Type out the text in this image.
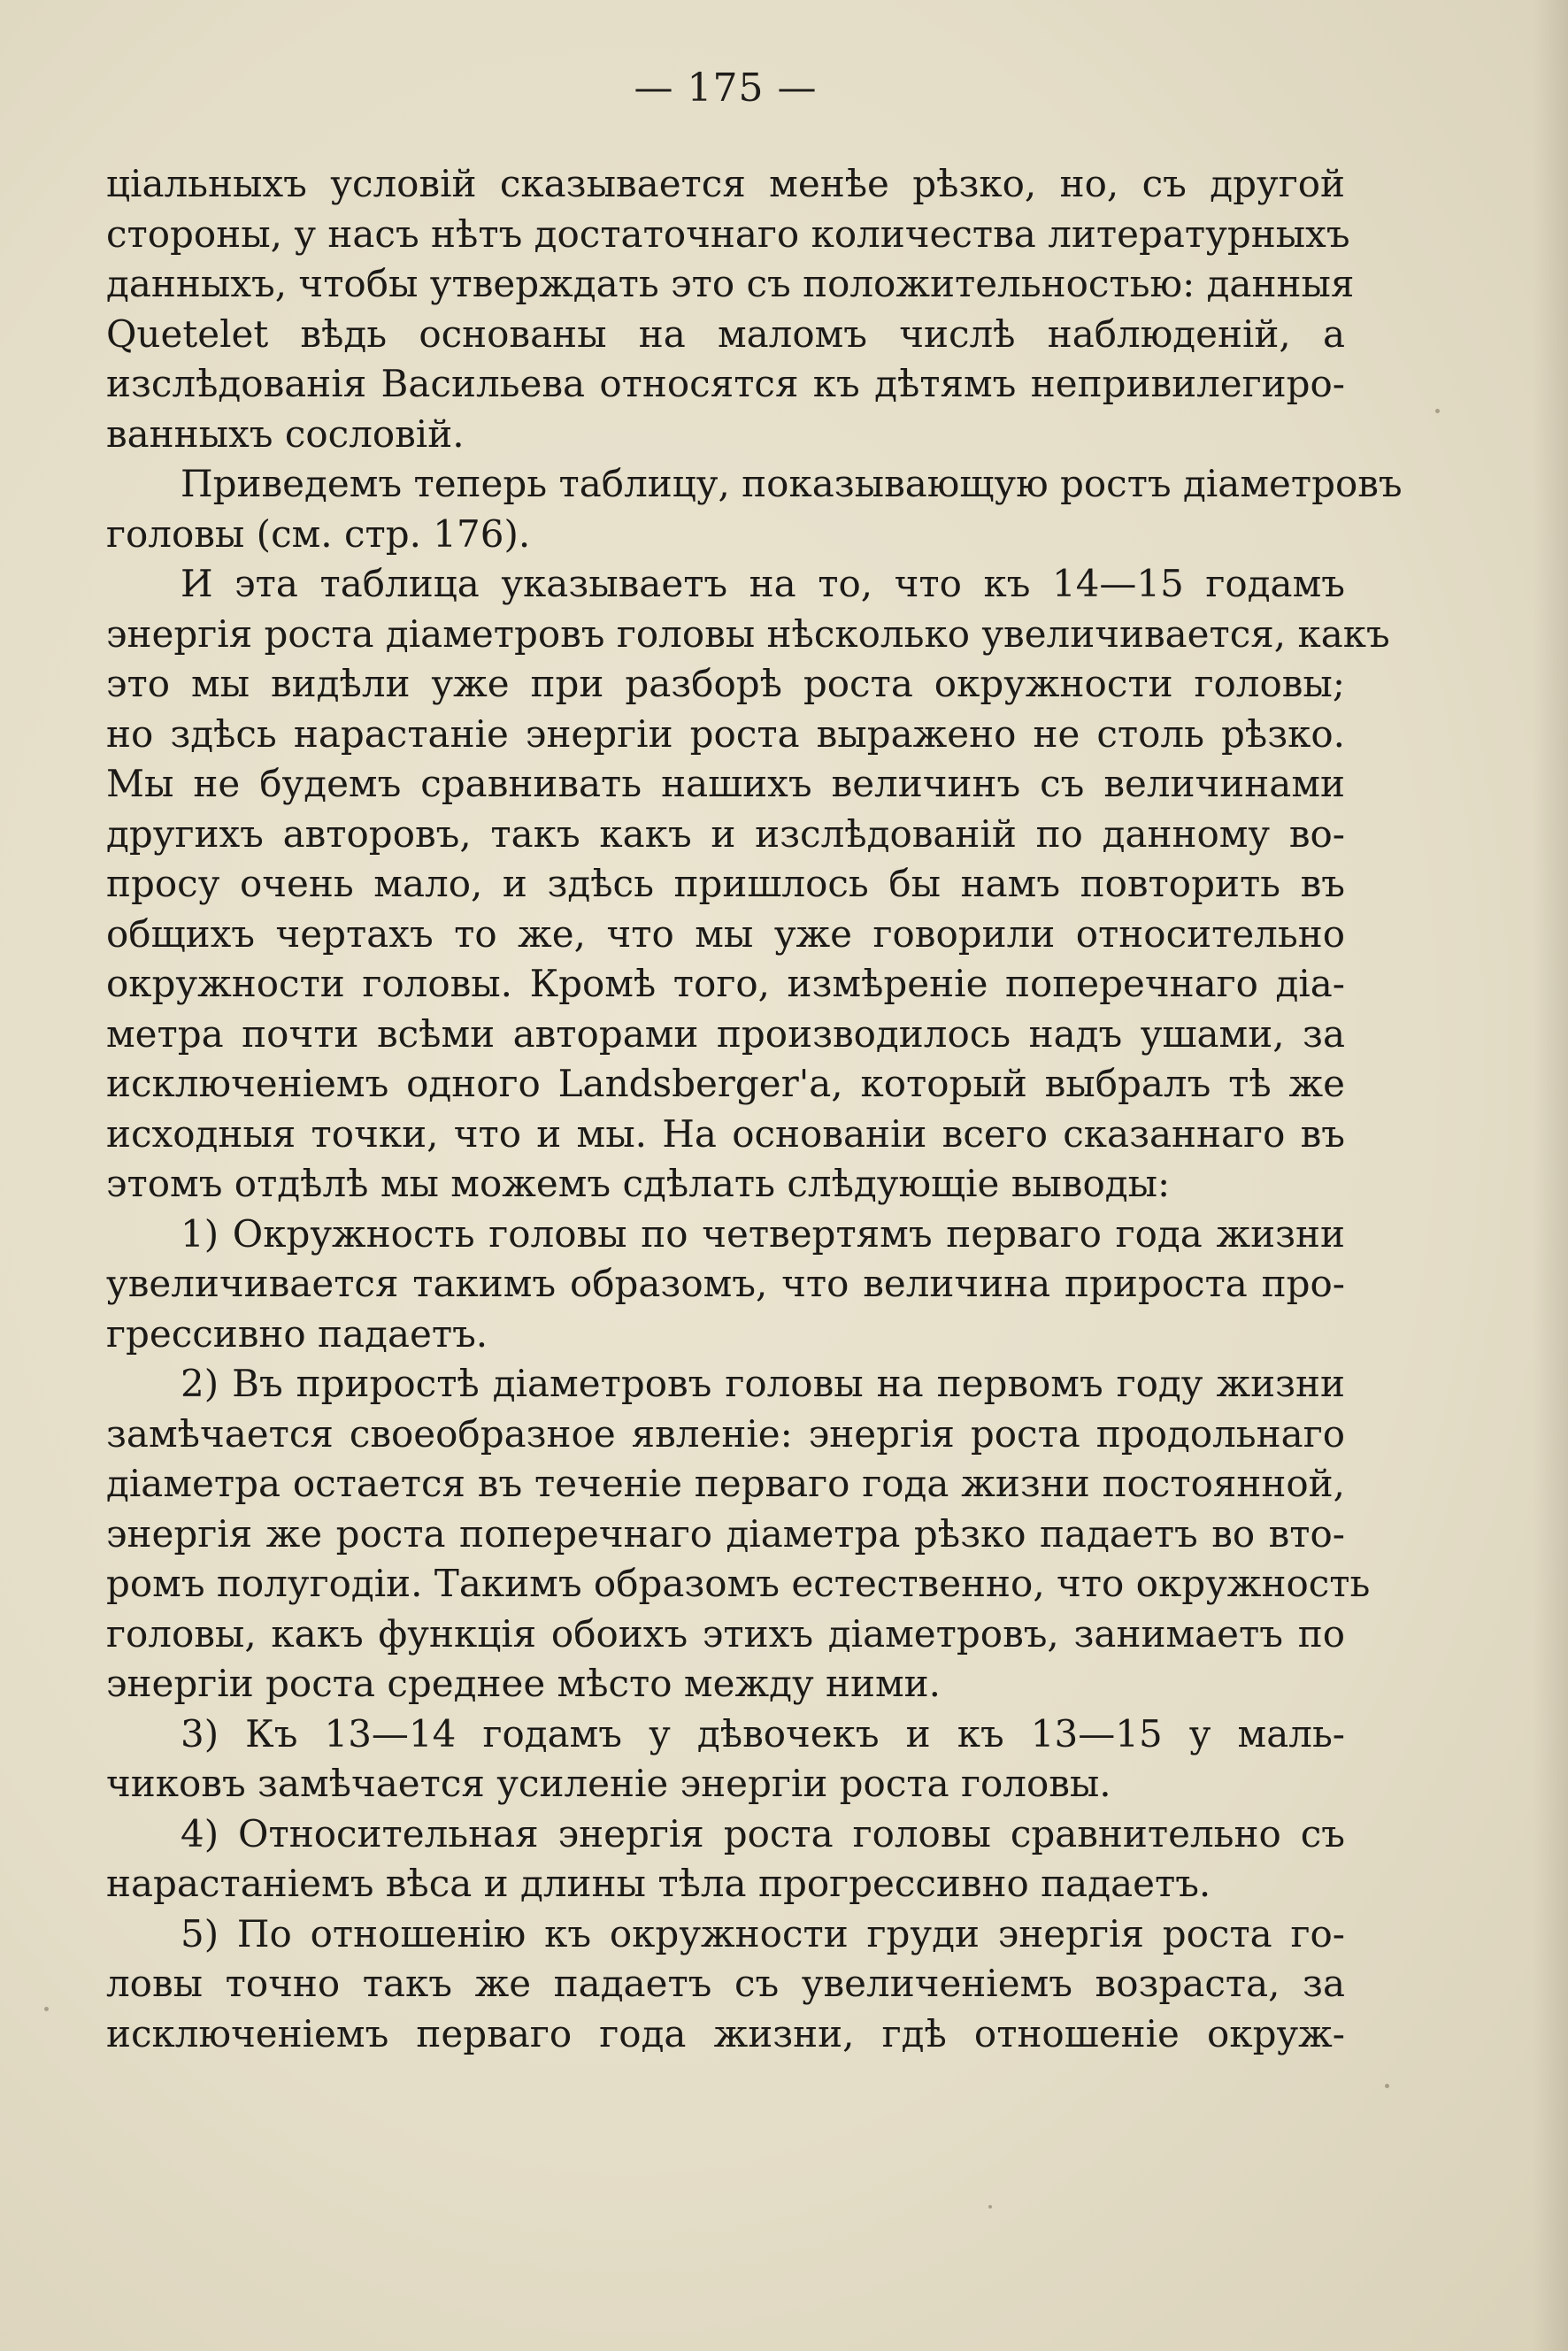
— 175 —

ціальныхъ условій сказывается менѣе рѣзко, но, съ другой
стороны, у насъ нѣтъ достаточнаго количества литературныхъ
данныхъ, чтобы утверждать это съ положительностью: данныя
Quetelet вѣдь основаны на маломъ числѣ наблюденій, а
изслѣдованія Васильева относятся къ дѣтямъ непривилегиро-
ванныхъ сословій.

Приведемъ теперь таблицу, показывающую ростъ діаметровъ
головы (см. стр. 176).

И эта таблица указываетъ на то, что къ 14—15 годамъ
энергія роста діаметровъ головы нѣсколько увеличивается, какъ
это мы видѣли уже при разборѣ роста окружности головы;
но здѣсь нарастаніе энергіи роста выражено не столь рѣзко.
Мы не будемъ сравнивать нашихъ величинъ съ величинами
другихъ авторовъ, такъ какъ и изслѣдованій по данному во-
просу очень мало, и здѣсь пришлось бы намъ повторить въ
общихъ чертахъ то же, что мы уже говорили относительно
окружности головы. Кромѣ того, измѣреніе поперечнаго діа-
метра почти всѣми авторами производилось надъ ушами, за
исключеніемъ одного Landsberger'а, который выбралъ тѣ же
исходныя точки, что и мы. На основаніи всего сказаннаго въ
этомъ отдѣлѣ мы можемъ сдѣлать слѣдующіе выводы:

1) Окружность головы по четвертямъ перваго года жизни
увеличивается такимъ образомъ, что величина прироста про-
грессивно падаетъ.

2) Въ приростѣ діаметровъ головы на первомъ году жизни
замѣчается своеобразное явленіе: энергія роста продольнаго
діаметра остается въ теченіе перваго года жизни постоянной,
энергія же роста поперечнаго діаметра рѣзко падаетъ во вто-
ромъ полугодіи. Такимъ образомъ естественно, что окружность
головы, какъ функція обоихъ этихъ діаметровъ, занимаетъ по
энергіи роста среднее мѣсто между ними.

3) Къ 13—14 годамъ у дѣвочекъ и къ 13—15 у маль-
чиковъ замѣчается усиленіе энергіи роста головы.

4) Относительная энергія роста головы сравнительно съ
нарастаніемъ вѣса и длины тѣла прогрессивно падаетъ.

5) По отношенію къ окружности груди энергія роста го-
ловы точно такъ же падаетъ съ увеличеніемъ возраста, за
исключеніемъ перваго года жизни, гдѣ отношеніе окруж-
